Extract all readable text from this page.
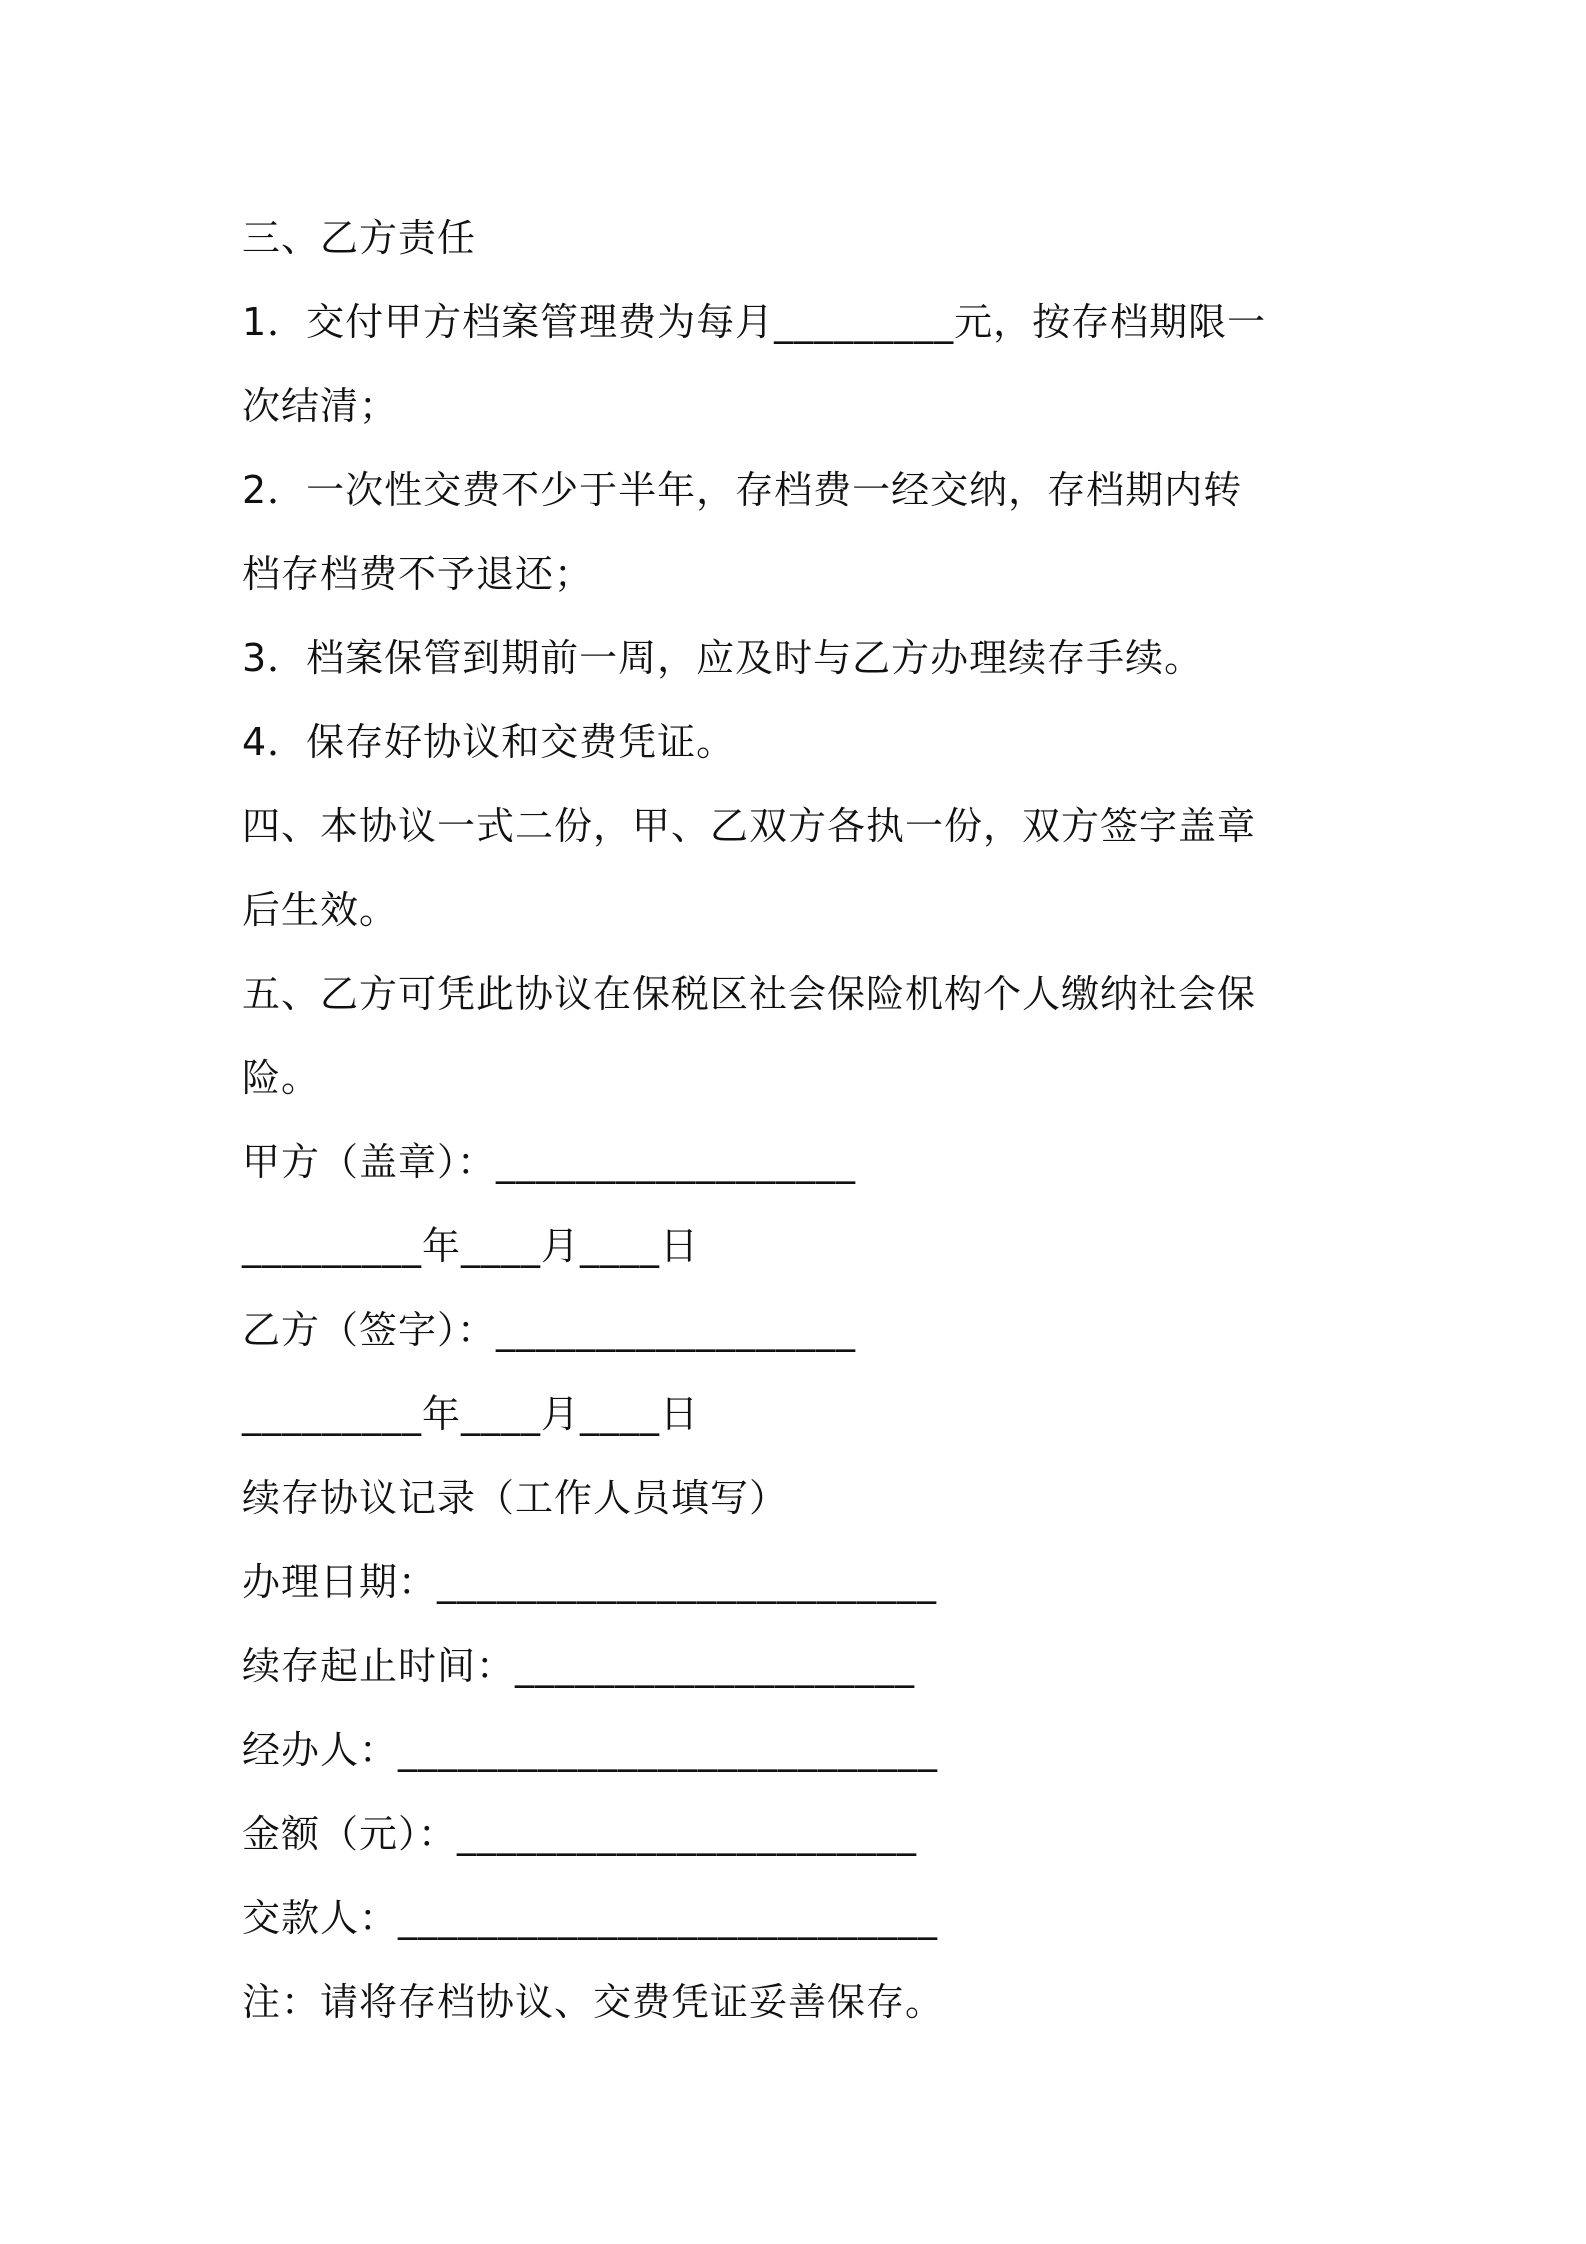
三、乙方责任
1．交付甲方档案管理费为每月_________元，按存档期限一
次结清；
2．一次性交费不少于半年，存档费一经交纳，存档期内转
档存档费不予退还；
3．档案保管到期前一周，应及时与乙方办理续存手续。
4．保存好协议和交费凭证。
四、本协议一式二份，甲、乙双方各执一份，双方签字盖章
后生效。
五、乙方可凭此协议在保税区社会保险机构个人缴纳社会保
险。
甲方（盖章）：__________________
_________年____月____日
乙方（签字）：__________________
_________年____月____日
续存协议记录（工作人员填写）
办理日期：_________________________
续存起止时间：____________________
经办人：___________________________
金额（元）：_______________________
交款人：___________________________
注：请将存档协议、交费凭证妥善保存。
